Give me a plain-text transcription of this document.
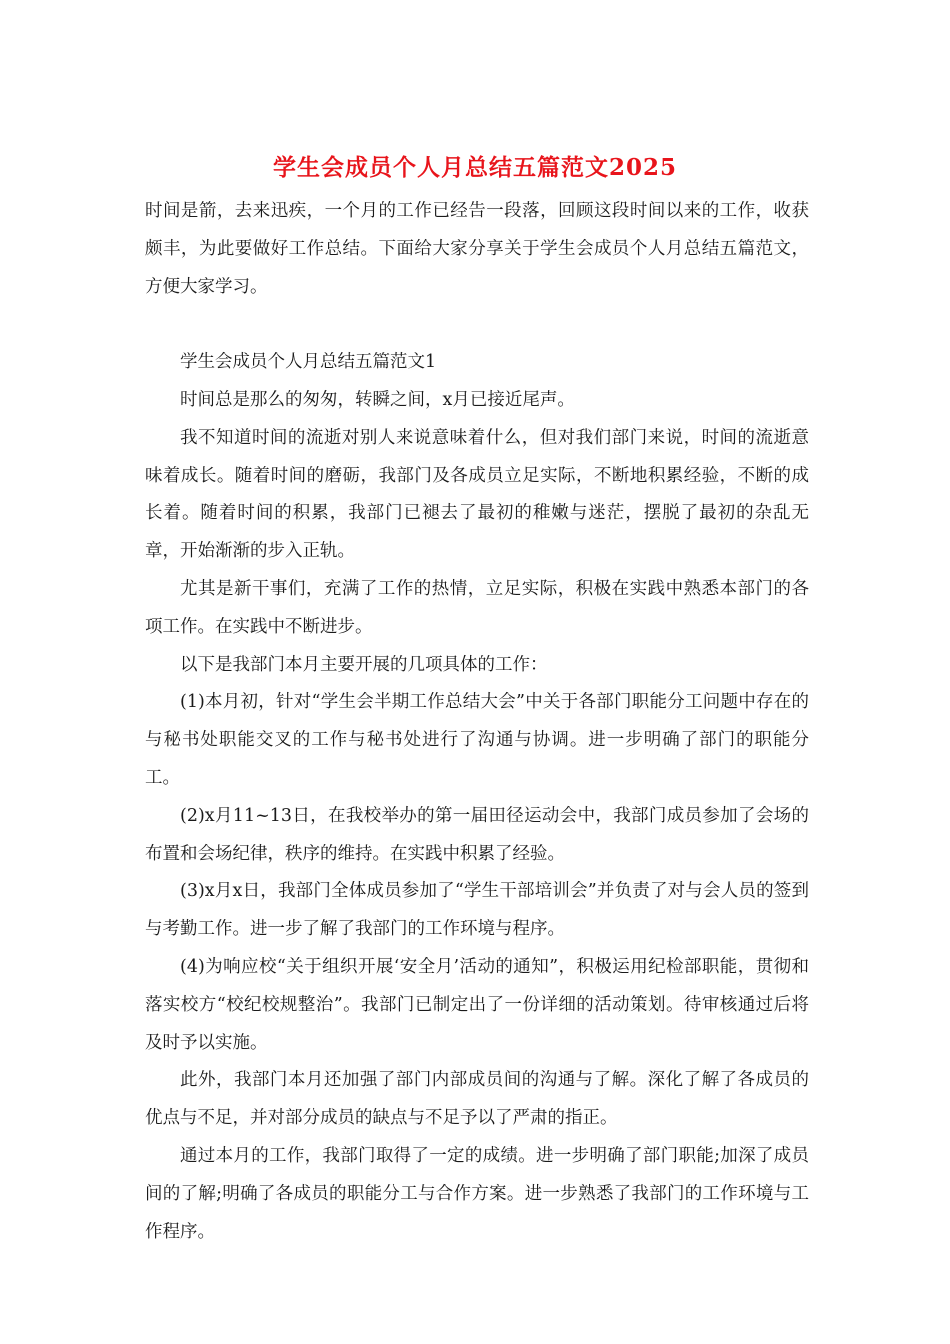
学生会成员个人月总结五篇范文2025

时间是箭，去来迅疾，一个月的工作已经告一段落，回顾这段时间以来的工作，收获颇丰，为此要做好工作总结。下面给大家分享关于学生会成员个人月总结五篇范文，方便大家学习。

学生会成员个人月总结五篇范文1

时间总是那么的匆匆，转瞬之间，x月已接近尾声。

我不知道时间的流逝对别人来说意味着什么，但对我们部门来说，时间的流逝意味着成长。随着时间的磨砺，我部门及各成员立足实际，不断地积累经验，不断的成长着。随着时间的积累，我部门已褪去了最初的稚嫩与迷茫，摆脱了最初的杂乱无章，开始渐渐的步入正轨。

尤其是新干事们，充满了工作的热情，立足实际，积极在实践中熟悉本部门的各项工作。在实践中不断进步。

以下是我部门本月主要开展的几项具体的工作：

(1)本月初，针对“学生会半期工作总结大会”中关于各部门职能分工问题中存在的与秘书处职能交叉的工作与秘书处进行了沟通与协调。进一步明确了部门的职能分工。

(2)x月11~13日，在我校举办的第一届田径运动会中，我部门成员参加了会场的布置和会场纪律，秩序的维持。在实践中积累了经验。

(3)x月x日，我部门全体成员参加了“学生干部培训会”并负责了对与会人员的签到与考勤工作。进一步了解了我部门的工作环境与程序。

(4)为响应校“关于组织开展‘安全月’活动的通知”，积极运用纪检部职能，贯彻和落实校方“校纪校规整治”。我部门已制定出了一份详细的活动策划。待审核通过后将及时予以实施。

此外，我部门本月还加强了部门内部成员间的沟通与了解。深化了解了各成员的优点与不足，并对部分成员的缺点与不足予以了严肃的指正。

通过本月的工作，我部门取得了一定的成绩。进一步明确了部门职能;加深了成员间的了解;明确了各成员的职能分工与合作方案。进一步熟悉了我部门的工作环境与工作程序。
